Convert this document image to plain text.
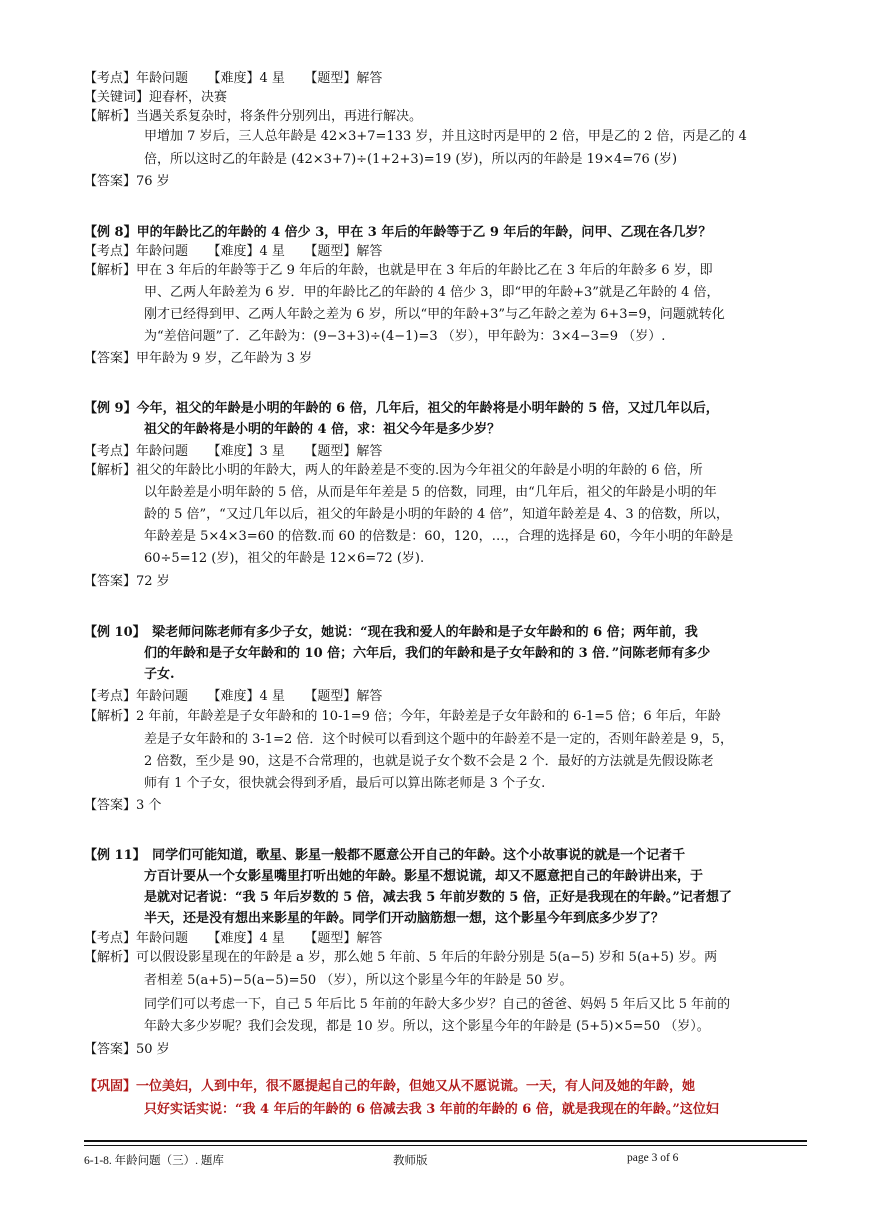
6-1-8. 年龄问题（三）. 题库	教师版	page 3 of 6
【考点】年龄问题　　【难度】4 星　　【题型】解答
【关键词】迎春杯，决赛
【解析】当遇关系复杂时，将条件分别列出，再进行解决。
甲增加 7 岁后，三人总年龄是 42×3+7=133 岁，并且这时丙是甲的 2 倍，甲是乙的 2 倍，丙是乙的 4
倍，所以这时乙的年龄是 (42×3+7)÷(1+2+3)=19 (岁)，所以丙的年龄是 19×4=76 (岁)
【答案】76 岁
【例 8】甲的年龄比乙的年龄的 4 倍少 3，甲在 3 年后的年龄等于乙 9 年后的年龄，问甲、乙现在各几岁？
【考点】年龄问题　　【难度】4 星　　【题型】解答
【解析】甲在 3 年后的年龄等于乙 9 年后的年龄，也就是甲在 3 年后的年龄比乙在 3 年后的年龄多 6 岁，即
甲、乙两人年龄差为 6 岁．甲的年龄比乙的年龄的 4 倍少 3，即“甲的年龄+3”就是乙年龄的 4 倍，
刚才已经得到甲、乙两人年龄之差为 6 岁，所以“甲的年龄+3”与乙年龄之差为 6+3=9，问题就转化
为“差倍问题”了．乙年龄为：(9−3+3)÷(4−1)=3 （岁），甲年龄为：3×4−3=9 （岁）.
【答案】甲年龄为 9 岁，乙年龄为 3 岁
【例 9】今年，祖父的年龄是小明的年龄的 6 倍，几年后，祖父的年龄将是小明年龄的 5 倍，又过几年以后，
祖父的年龄将是小明的年龄的 4 倍，求：祖父今年是多少岁？
【考点】年龄问题　　【难度】3 星　　【题型】解答
【解析】祖父的年龄比小明的年龄大，两人的年龄差是不变的.因为今年祖父的年龄是小明的年龄的 6 倍，所
以年龄差是小明年龄的 5 倍，从而是年年差是 5 的倍数，同理，由“几年后，祖父的年龄是小明的年
龄的 5 倍”，“又过几年以后，祖父的年龄是小明的年龄的 4 倍”，知道年龄差是 4、3 的倍数，所以，
年龄差是 5×4×3=60 的倍数.而 60 的倍数是：60，120，…，合理的选择是 60，今年小明的年龄是
60÷5=12 (岁)，祖父的年龄是 12×6=72 (岁).
【答案】72 岁
【例 10】　梁老师问陈老师有多少子女，她说：“现在我和爱人的年龄和是子女年龄和的 6 倍；两年前，我
们的年龄和是子女年龄和的 10 倍；六年后，我们的年龄和是子女年龄和的 3 倍．”问陈老师有多少
子女.
【考点】年龄问题　　【难度】4 星　　【题型】解答
【解析】2 年前，年龄差是子女年龄和的 10-1=9 倍；今年，年龄差是子女年龄和的 6-1=5 倍；6 年后，年龄
差是子女年龄和的 3-1=2 倍．这个时候可以看到这个题中的年龄差不是一定的，否则年龄差是 9，5，
2 倍数，至少是 90，这是不合常理的，也就是说子女个数不会是 2 个．最好的方法就是先假设陈老
师有 1 个子女，很快就会得到矛盾，最后可以算出陈老师是 3 个子女.
【答案】3 个
【例 11】　同学们可能知道，歌星、影星一般都不愿意公开自己的年龄。这个小故事说的就是一个记者千
方百计要从一个女影星嘴里打听出她的年龄。影星不想说谎，却又不愿意把自己的年龄讲出来，于
是就对记者说：“我 5 年后岁数的 5 倍，减去我 5 年前岁数的 5 倍，正好是我现在的年龄。”记者想了
半天，还是没有想出来影星的年龄。同学们开动脑筋想一想，这个影星今年到底多少岁了？
【考点】年龄问题　　【难度】4 星　　【题型】解答
【解析】可以假设影星现在的年龄是 a 岁，那么她 5 年前、5 年后的年龄分别是 5(a−5) 岁和 5(a+5) 岁。两
者相差 5(a+5)−5(a−5)=50 （岁），所以这个影星今年的年龄是 50 岁。
同学们可以考虑一下，自己 5 年后比 5 年前的年龄大多少岁？自己的爸爸、妈妈 5 年后又比 5 年前的
年龄大多少岁呢？我们会发现，都是 10 岁。所以，这个影星今年的年龄是 (5+5)×5=50 （岁）。
【答案】50 岁
【巩固】一位美妇，人到中年，很不愿提起自己的年龄，但她又从不愿说谎。一天，有人问及她的年龄，她
只好实话实说：“我 4 年后的年龄的 6 倍减去我 3 年前的年龄的 6 倍，就是我现在的年龄。”这位妇
